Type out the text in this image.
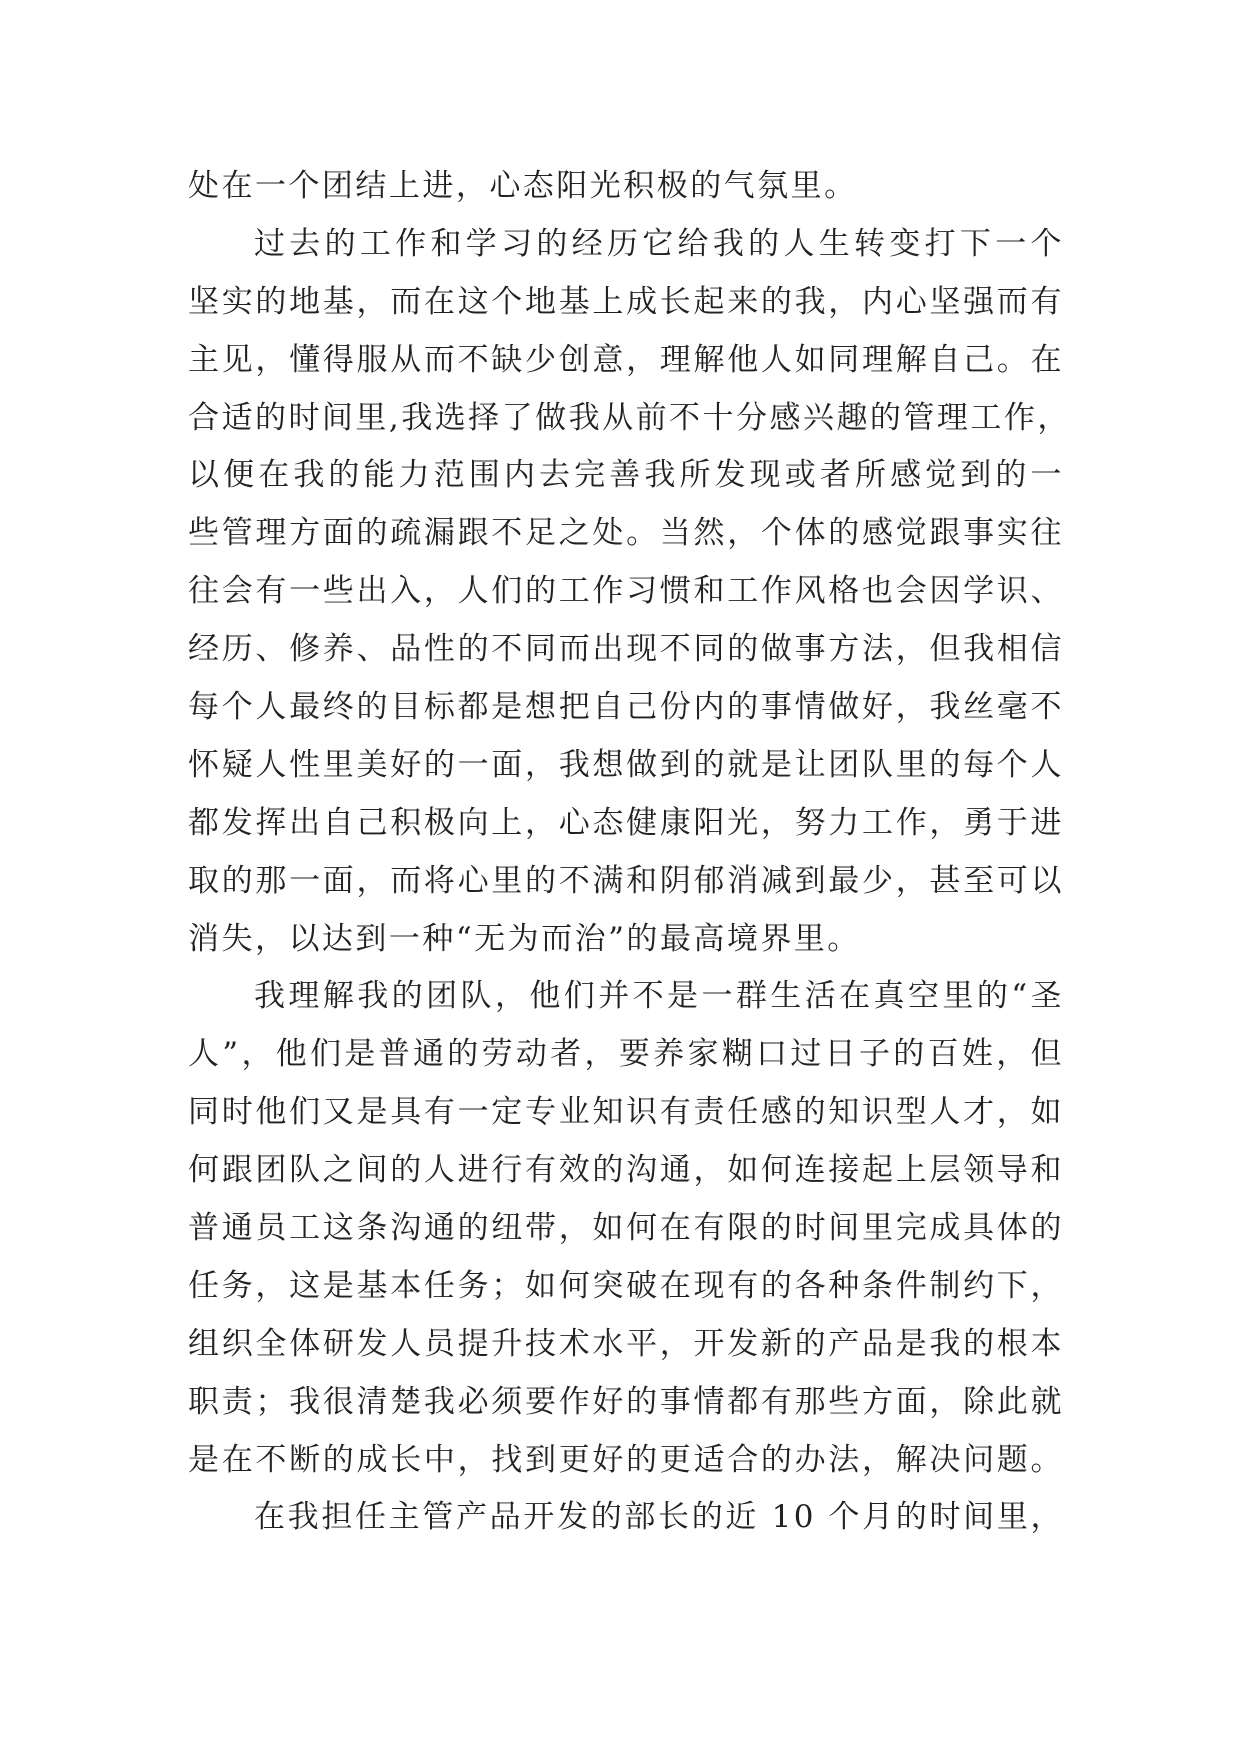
处在一个团结上进，心态阳光积极的气氛里。
过去的工作和学习的经历它给我的人生转变打下一个
坚实的地基，而在这个地基上成长起来的我，内心坚强而有
主见，懂得服从而不缺少创意，理解他人如同理解自己。在
合适的时间里,我选择了做我从前不十分感兴趣的管理工作，
以便在我的能力范围内去完善我所发现或者所感觉到的一
些管理方面的疏漏跟不足之处。当然，个体的感觉跟事实往
往会有一些出入，人们的工作习惯和工作风格也会因学识、
经历、修养、品性的不同而出现不同的做事方法，但我相信
每个人最终的目标都是想把自己份内的事情做好，我丝毫不
怀疑人性里美好的一面，我想做到的就是让团队里的每个人
都发挥出自己积极向上，心态健康阳光，努力工作，勇于进
取的那一面，而将心里的不满和阴郁消减到最少，甚至可以
消失，以达到一种“无为而治”的最高境界里。
我理解我的团队，他们并不是一群生活在真空里的“圣
人”，他们是普通的劳动者，要养家糊口过日子的百姓，但
同时他们又是具有一定专业知识有责任感的知识型人才，如
何跟团队之间的人进行有效的沟通，如何连接起上层领导和
普通员工这条沟通的纽带，如何在有限的时间里完成具体的
任务，这是基本任务；如何突破在现有的各种条件制约下，
组织全体研发人员提升技术水平，开发新的产品是我的根本
职责；我很清楚我必须要作好的事情都有那些方面，除此就
是在不断的成长中，找到更好的更适合的办法，解决问题。
在我担任主管产品开发的部长的近 10 个月的时间里，
